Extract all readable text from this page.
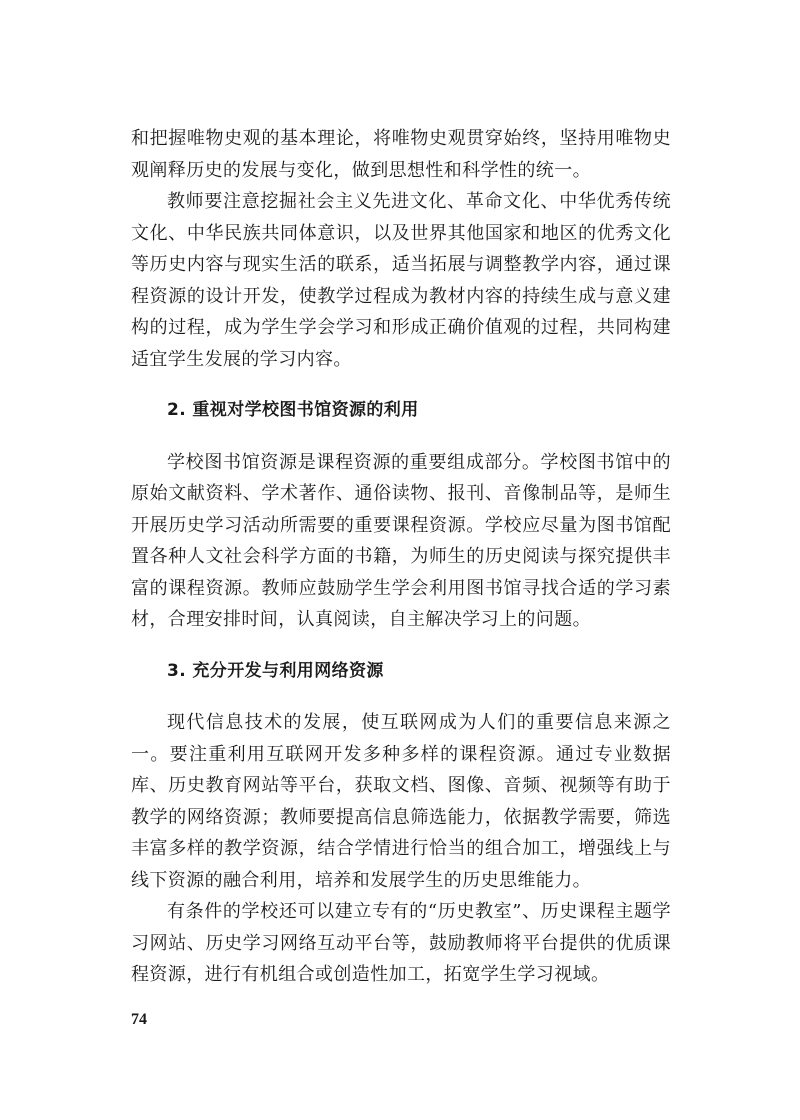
和把握唯物史观的基本理论，将唯物史观贯穿始终，坚持用唯物史观阐释历史的发展与变化，做到思想性和科学性的统一。

教师要注意挖掘社会主义先进文化、革命文化、中华优秀传统文化、中华民族共同体意识，以及世界其他国家和地区的优秀文化等历史内容与现实生活的联系，适当拓展与调整教学内容，通过课程资源的设计开发，使教学过程成为教材内容的持续生成与意义建构的过程，成为学生学会学习和形成正确价值观的过程，共同构建适宜学生发展的学习内容。

2. 重视对学校图书馆资源的利用

学校图书馆资源是课程资源的重要组成部分。学校图书馆中的原始文献资料、学术著作、通俗读物、报刊、音像制品等，是师生开展历史学习活动所需要的重要课程资源。学校应尽量为图书馆配置各种人文社会科学方面的书籍，为师生的历史阅读与探究提供丰富的课程资源。教师应鼓励学生学会利用图书馆寻找合适的学习素材，合理安排时间，认真阅读，自主解决学习上的问题。

3. 充分开发与利用网络资源

现代信息技术的发展，使互联网成为人们的重要信息来源之一。要注重利用互联网开发多种多样的课程资源。通过专业数据库、历史教育网站等平台，获取文档、图像、音频、视频等有助于教学的网络资源；教师要提高信息筛选能力，依据教学需要，筛选丰富多样的教学资源，结合学情进行恰当的组合加工，增强线上与线下资源的融合利用，培养和发展学生的历史思维能力。

有条件的学校还可以建立专有的“历史教室”、历史课程主题学习网站、历史学习网络互动平台等，鼓励教师将平台提供的优质课程资源，进行有机组合或创造性加工，拓宽学生学习视域。

74
